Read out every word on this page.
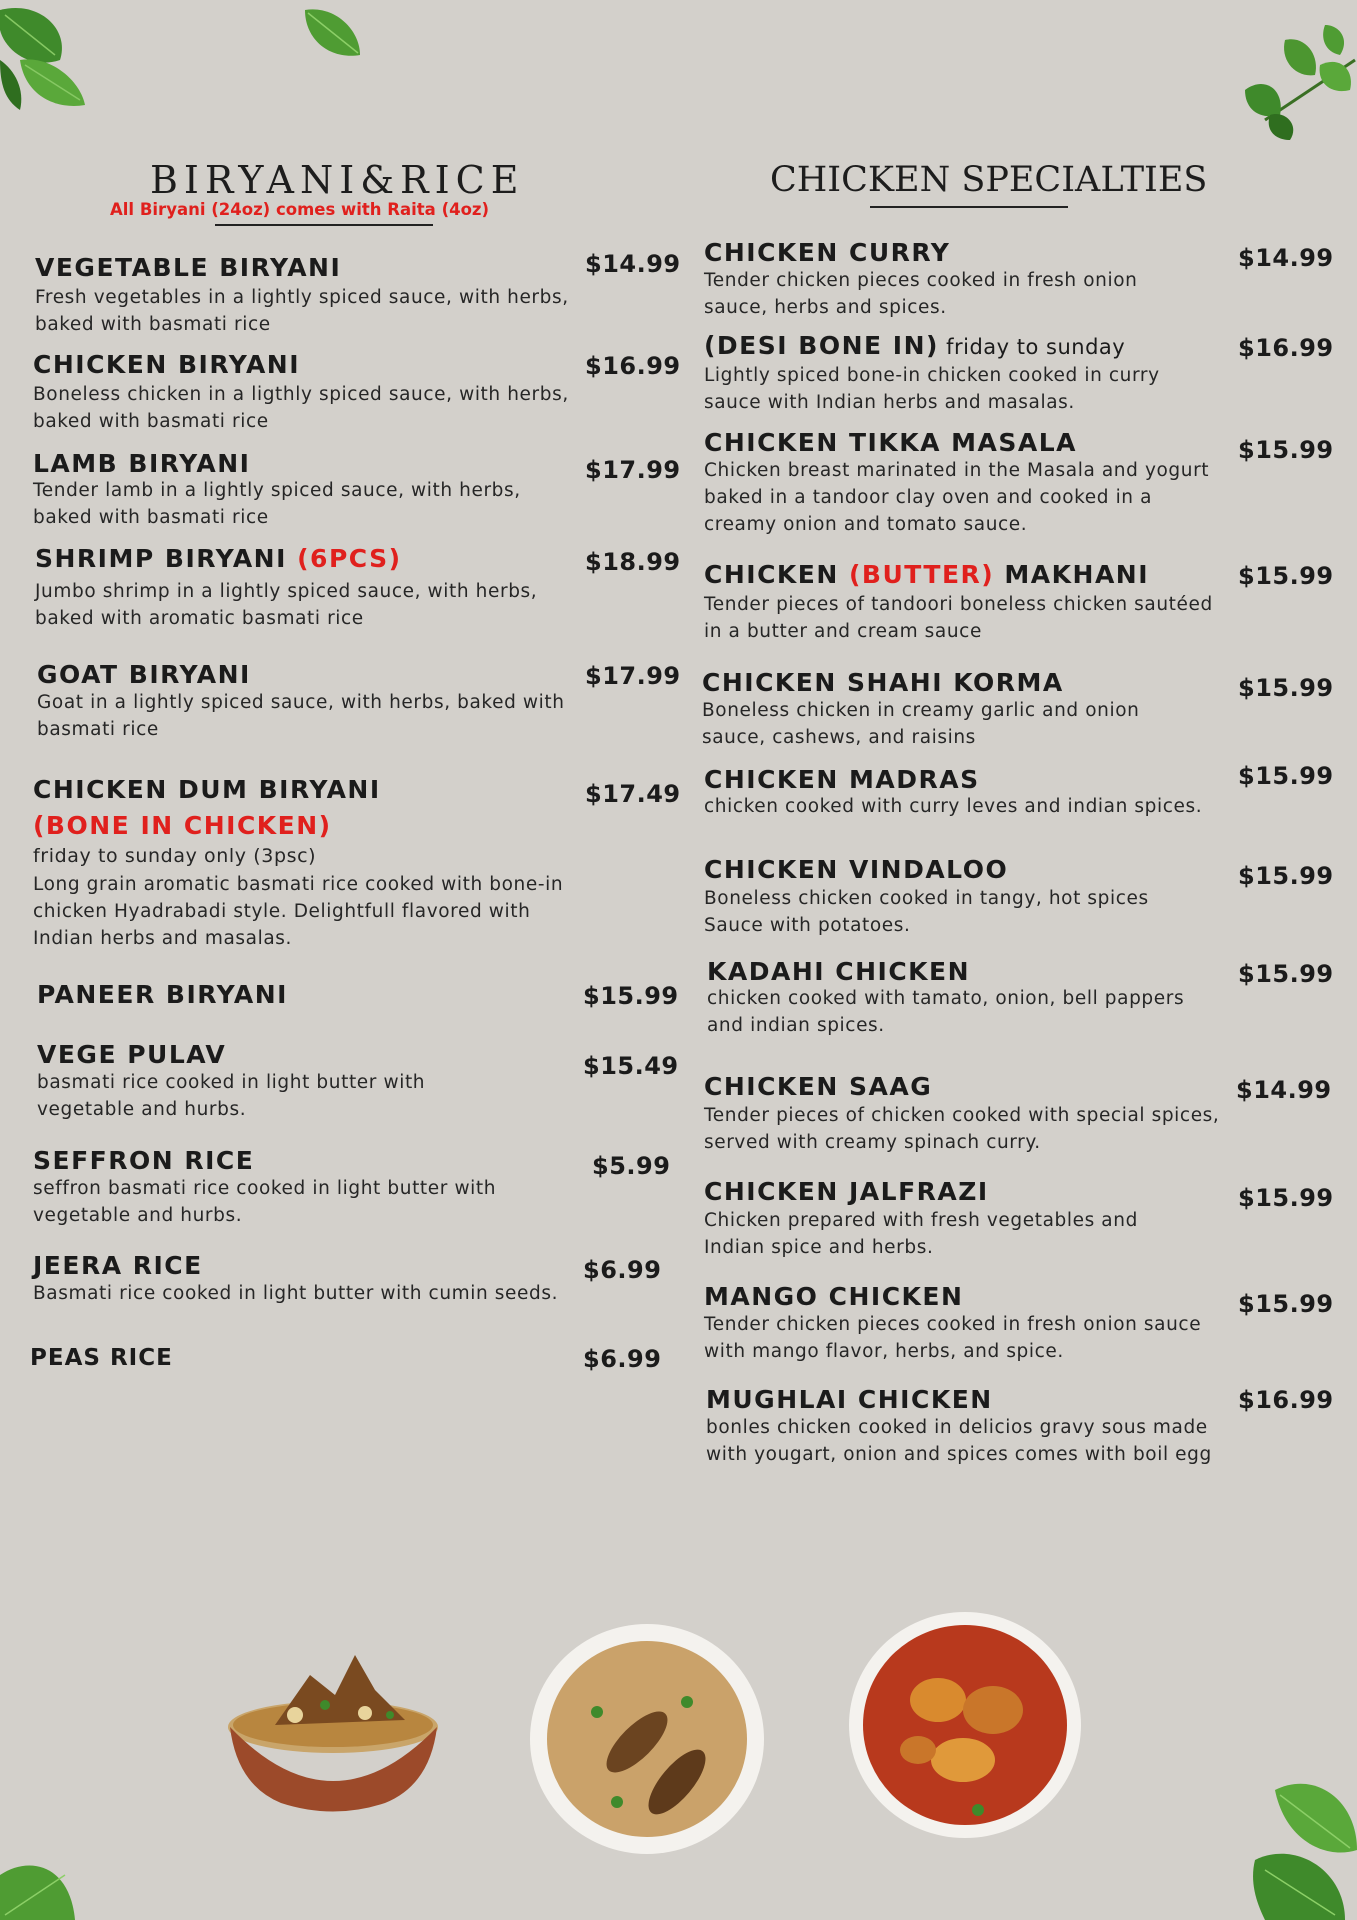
BIRYANI&RICE
All Biryani (24oz) comes with Raita (4oz)
CHICKEN SPECIALTIES
VEGETABLE BIRYANI
Fresh vegetables in a lightly spiced sauce, with herbs, baked with basmati rice
$14.99
CHICKEN BIRYANI
Boneless chicken in a ligthly spiced sauce, with herbs, baked with basmati rice
$16.99
LAMB BIRYANI
Tender lamb in a lightly spiced sauce, with herbs, baked with basmati rice
$17.99
SHRIMP BIRYANI (6PCS)
Jumbo shrimp in a lightly spiced sauce, with herbs, baked with aromatic basmati rice
$18.99
GOAT BIRYANI
Goat in a lightly spiced sauce, with herbs, baked with basmati rice
$17.99
CHICKEN DUM BIRYANI
(BONE IN CHICKEN)
friday to sunday only (3psc)
Long grain aromatic basmati rice cooked with bone-in chicken Hyadrabadi style. Delightfull flavored with Indian herbs and masalas.
$17.49
PANEER BIRYANI	$15.99
VEGE PULAV
basmati rice cooked in light butter with vegetable and hurbs.
$15.49
SEFFRON RICE
seffron basmati rice cooked in light butter with vegetable and hurbs.
$5.99
JEERA RICE
Basmati rice cooked in light butter with cumin seeds.
$6.99
PEAS RICE	$6.99
CHICKEN CURRY
Tender chicken pieces cooked in fresh onion sauce, herbs and spices.
$14.99
(DESI BONE IN) friday to sunday
Lightly spiced bone-in chicken cooked in curry sauce with Indian herbs and masalas.
$16.99
CHICKEN TIKKA MASALA
Chicken breast marinated in the Masala and yogurt baked in a tandoor clay oven and cooked in a creamy onion and tomato sauce.
$15.99
CHICKEN (BUTTER) MAKHANI
Tender pieces of tandoori boneless chicken sautéed in a butter and cream sauce
$15.99
CHICKEN SHAHI KORMA
Boneless chicken in creamy garlic and onion sauce, cashews, and raisins
$15.99
CHICKEN MADRAS
chicken cooked with curry leves and indian spices.
$15.99
CHICKEN VINDALOO
Boneless chicken cooked in tangy, hot spices Sauce with potatoes.
$15.99
KADAHI CHICKEN
chicken cooked with tamato, onion, bell pappers and indian spices.
$15.99
CHICKEN SAAG
Tender pieces of chicken cooked with special spices, served with creamy spinach curry.
$14.99
CHICKEN JALFRAZI
Chicken prepared with fresh vegetables and Indian spice and herbs.
$15.99
MANGO CHICKEN
Tender chicken pieces cooked in fresh onion sauce with mango flavor, herbs, and spice.
$15.99
MUGHLAI CHICKEN
bonles chicken cooked in delicios gravy sous made with yougart, onion and spices comes with boil egg
$16.99
